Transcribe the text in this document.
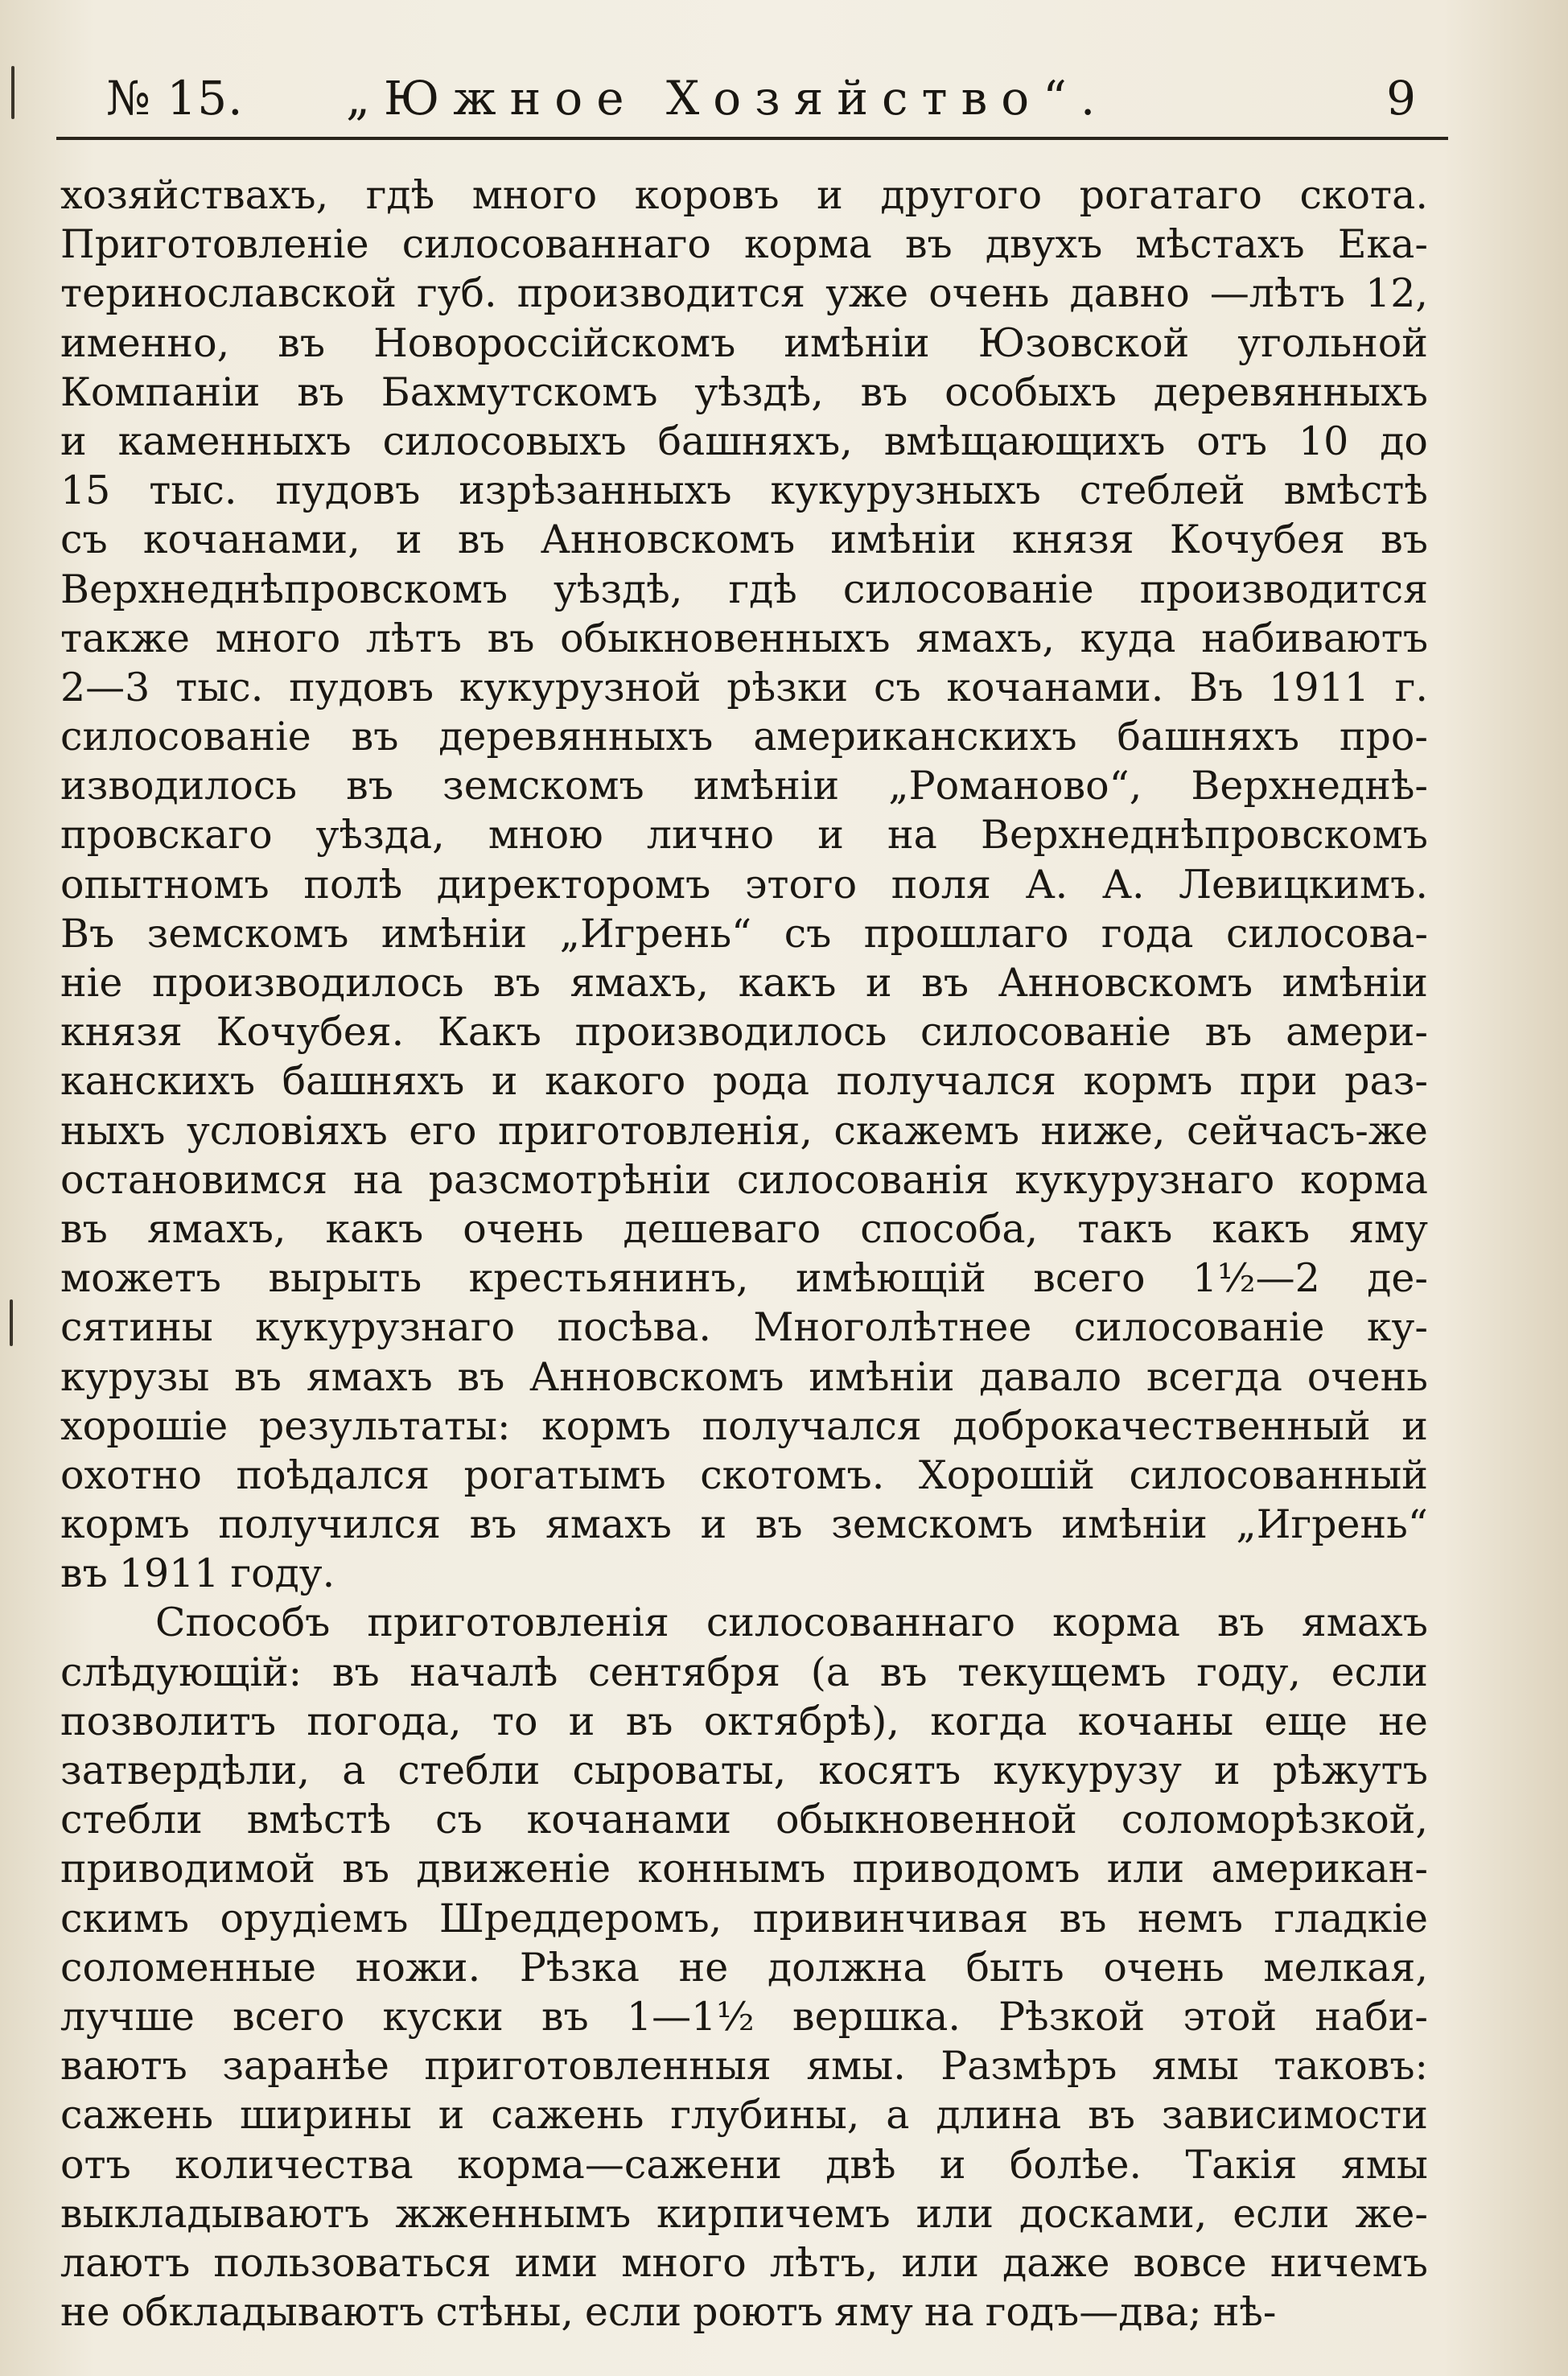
№ 15. „Южное Хозяйство“.	9
хозяйствахъ, гдѣ много коровъ и другого рогатаго скота.
Приготовленіе силосованнаго корма въ двухъ мѣстахъ Ека-
теринославской губ. производится уже очень давно —лѣтъ 12,
именно, въ Новороссійскомъ имѣніи Юзовской угольной
Компаніи въ Бахмутскомъ уѣздѣ, въ особыхъ деревянныхъ
и каменныхъ силосовыхъ башняхъ, вмѣщающихъ отъ 10 до
15 тыс. пудовъ изрѣзанныхъ кукурузныхъ стеблей вмѣстѣ
съ кочанами, и въ Анновскомъ имѣніи князя Кочубея въ
Верхнеднѣпровскомъ уѣздѣ, гдѣ силосованіе производится
также много лѣтъ въ обыкновенныхъ ямахъ, куда набиваютъ
2—3 тыс. пудовъ кукурузной рѣзки съ кочанами. Въ 1911 г.
силосованіе въ деревянныхъ американскихъ башняхъ про-
изводилось въ земскомъ имѣніи „Романово“, Верхнеднѣ-
провскаго уѣзда, мною лично и на Верхнеднѣпровскомъ
опытномъ полѣ директоромъ этого поля А. А. Левицкимъ.
Въ земскомъ имѣніи „Игрень“ съ прошлаго года силосова-
ніе производилось въ ямахъ, какъ и въ Анновскомъ имѣніи
князя Кочубея. Какъ производилось силосованіе въ амери-
канскихъ башняхъ и какого рода получался кормъ при раз-
ныхъ условіяхъ его приготовленія, скажемъ ниже, сейчасъ-же
остановимся на разсмотрѣніи силосованія кукурузнаго корма
въ ямахъ, какъ очень дешеваго способа, такъ какъ яму
можетъ вырыть крестьянинъ, имѣющій всего 1½—2 де-
сятины кукурузнаго посѣва. Многолѣтнее силосованіе ку-
курузы въ ямахъ въ Анновскомъ имѣніи давало всегда очень
хорошіе результаты: кормъ получался доброкачественный и
охотно поѣдался рогатымъ скотомъ. Хорошій силосованный
кормъ получился въ ямахъ и въ земскомъ имѣніи „Игрень“
въ 1911 году.
Способъ приготовленія силосованнаго корма въ ямахъ
слѣдующій: въ началѣ сентября (а въ текущемъ году, если
позволитъ погода, то и въ октябрѣ), когда кочаны еще не
затвердѣли, а стебли сыроваты, косятъ кукурузу и рѣжутъ
стебли вмѣстѣ съ кочанами обыкновенной соломорѣзкой,
приводимой въ движеніе коннымъ приводомъ или американ-
скимъ орудіемъ Шреддеромъ, привинчивая въ немъ гладкіе
соломенные ножи. Рѣзка не должна быть очень мелкая,
лучше всего куски въ 1—1½ вершка. Рѣзкой этой наби-
ваютъ заранѣе приготовленныя ямы. Размѣръ ямы таковъ:
сажень ширины и сажень глубины, а длина въ зависимости
отъ количества корма—сажени двѣ и болѣе. Такія ямы
выкладываютъ жженнымъ кирпичемъ или досками, если же-
лаютъ пользоваться ими много лѣтъ, или даже вовсе ничемъ
не обкладываютъ стѣны, если роютъ яму на годъ—два; нѣ-
